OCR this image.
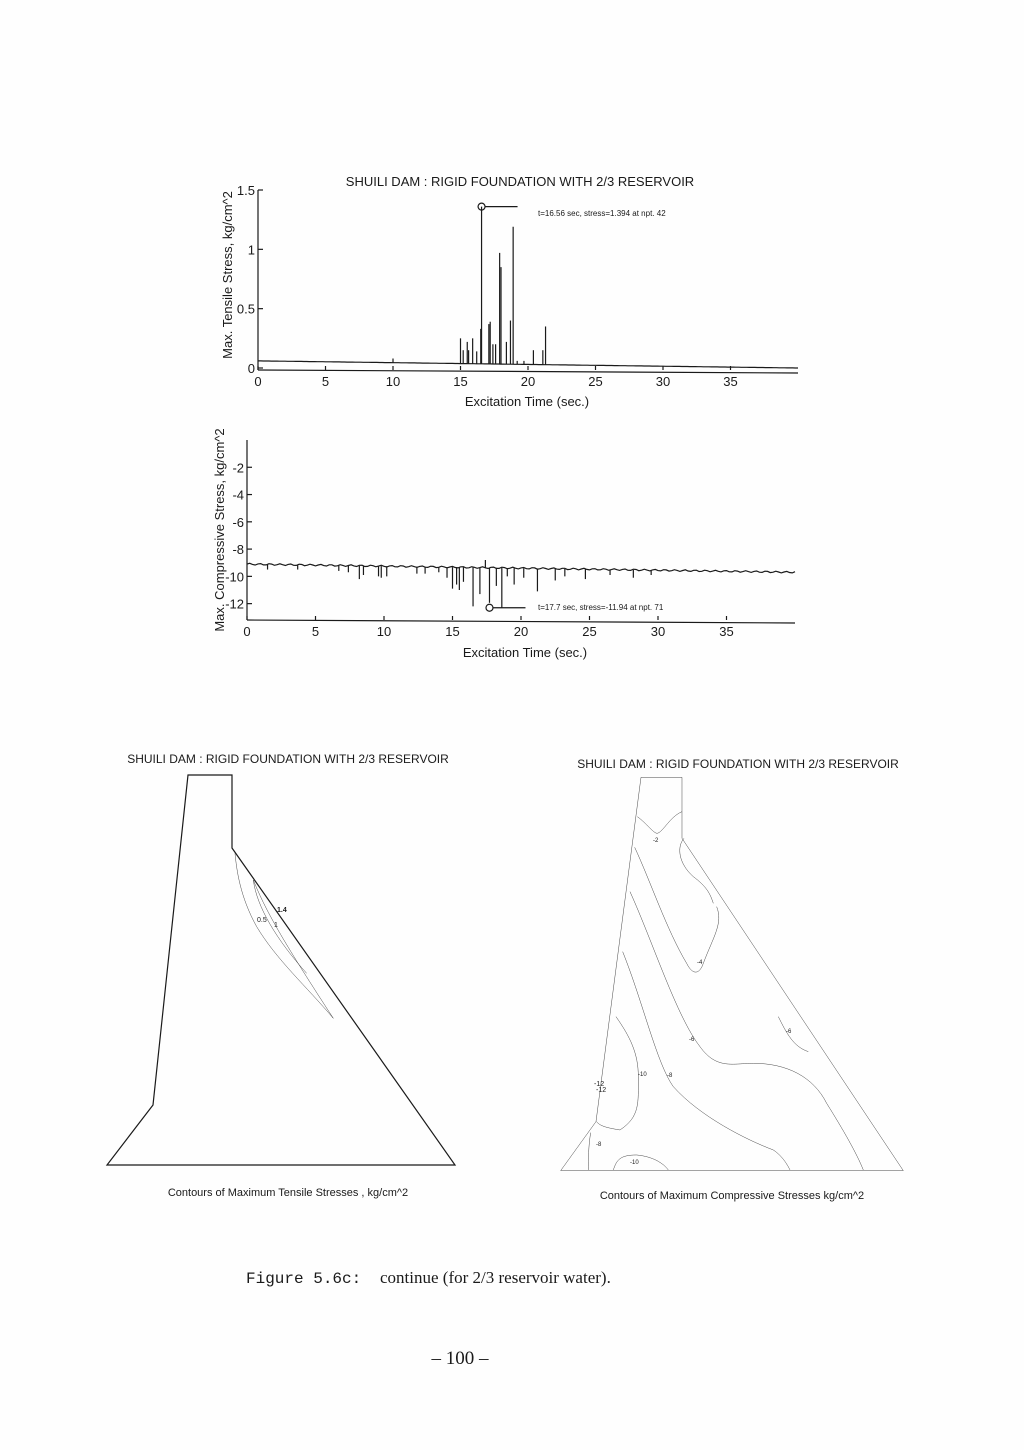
SHUILI DAM : RIGID FOUNDATION WITH 2/3 RESERVOIR
Max. Tensile Stress, kg/cm^2
Excitation Time (sec.)
t=16.56 sec, stress=1.394 at npt. 42
0	5	10	15	20	25	30	35
0
0.5
1
1.5
Max. Compressive Stress, kg/cm^2
Excitation Time (sec.)
t=17.7 sec, stress=-11.94 at npt. 71
0	5	10	15	20	25	30	35
-2
-4
-6
-8
-10
-12
SHUILI DAM : RIGID FOUNDATION WITH 2/3 RESERVOIR
1.4
0.5
1
Contours of Maximum Tensile Stresses , kg/cm^2
SHUILI DAM : RIGID FOUNDATION WITH 2/3 RESERVOIR
-2
-4
-6
-6
-8
-10
-12
-12
-8
-10
Contours of Maximum Compressive Stresses kg/cm^2
Figure 5.6c: continue (for 2/3 reservoir water).
– 100 –
